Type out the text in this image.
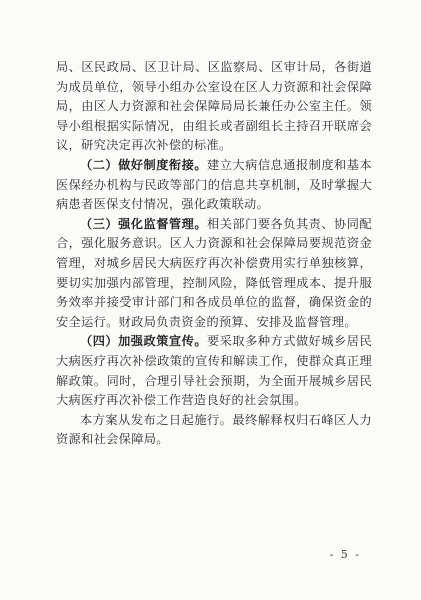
局、区民政局、区卫计局、区监察局、区审计局，各街道为成员单位，领导小组办公室设在区人力资源和社会保障局，由区人力资源和社会保障局局长兼任办公室主任。领导小组根据实际情况，由组长或者副组长主持召开联席会议，研究决定再次补偿的标准。

（二）做好制度衔接。建立大病信息通报制度和基本医保经办机构与民政等部门的信息共享机制，及时掌握大病患者医保支付情况，强化政策联动。

（三）强化监督管理。相关部门要各负其责、协同配合，强化服务意识。区人力资源和社会保障局要规范资金管理，对城乡居民大病医疗再次补偿费用实行单独核算，要切实加强内部管理，控制风险，降低管理成本、提升服务效率并接受审计部门和各成员单位的监督，确保资金的安全运行。财政局负责资金的预算、安排及监督管理。

（四）加强政策宣传。要采取多种方式做好城乡居民大病医疗再次补偿政策的宣传和解读工作，使群众真正理解政策。同时，合理引导社会预期，为全面开展城乡居民大病医疗再次补偿工作营造良好的社会氛围。

本方案从发布之日起施行。最终解释权归石峰区人力资源和社会保障局。

- 5 -
